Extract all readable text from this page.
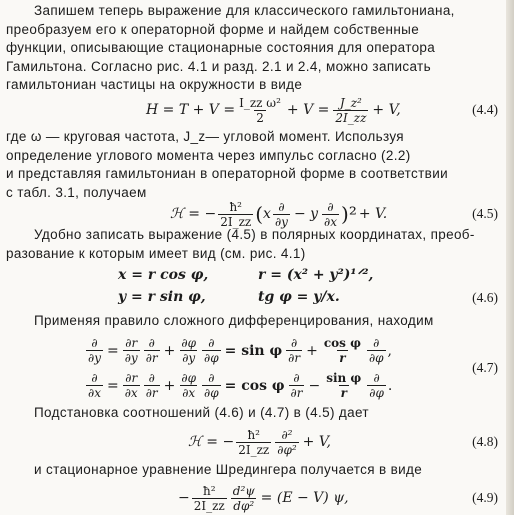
Запишем теперь выражение для классического гамильтониана,
преобразуем его к операторной форме и найдем собственные
функции, описывающие стационарные состояния для оператора
Гамильтона. Согласно рис. 4.1 и разд. 2.1 и 2.4, можно записать
гамильтониан частицы на окружности в виде
$H = T + V = \frac{\text{I\_zz ω²}}{2} + V = \frac{\text{J\_z²}}{2I\_zz} + V$,	(4.4)
где ω — круговая частота, J_z— угловой момент. Используя
определение углового момента через импульс согласно (2.2)
и представляя гамильтониан в операторной форме в соответствии
с табл. 3.1, получаем
ℋ = − $\frac{\text{ħ²}}{2I\_zz}$ ( x $\frac{\partial}{\partial y} - y \frac{\partial}{\partial x} )^2 + V$.	(4.5)
Удобно записать выражение (4.5) в полярных координатах, преоб-
разование к которым имеет вид (см. рис. 4.1)
x = r cos φ,	r = (x² + y²)¹ᐟ²,
y = r sin φ,	tg φ = y/x.	(4.6)
Применяя правило сложного дифференцирования, находим
$\frac{\partial}{\partial y} = \frac{\partial r}{\partial y} \frac{\partial}{\partial r} + \frac{\partial\varphi}{\partial y} \frac{\partial}{\partial\varphi} = \sin \varphi \frac{\partial}{\partial r} + \frac{\text{cos φ}}{r} \frac{\partial}{\partial\varphi}$ ,
$\frac{\partial}{\partial x} = \frac{\partial r}{\partial x} \frac{\partial}{\partial r} + \frac{\partial\varphi}{\partial x} \frac{\partial}{\partial\varphi} = \cos \varphi \frac{\partial}{\partial r} - \frac{\text{sin φ}}{r} \frac{\partial}{\partial\varphi}$ .
(4.7)
Подстановка соотношений (4.6) и (4.7) в (4.5) дает
ℋ = − $\frac{\text{ħ²}}{2I\_zz} \frac{\text{∂²}}{\text{∂φ²}} + V$,	(4.8)
и стационарное уравнение Шредингера получается в виде
− $\frac{\text{ħ²}}{2I\_zz} \frac{\text{d²ψ}}{\text{dφ²}} = (E - V)$ ψ,	(4.9)
